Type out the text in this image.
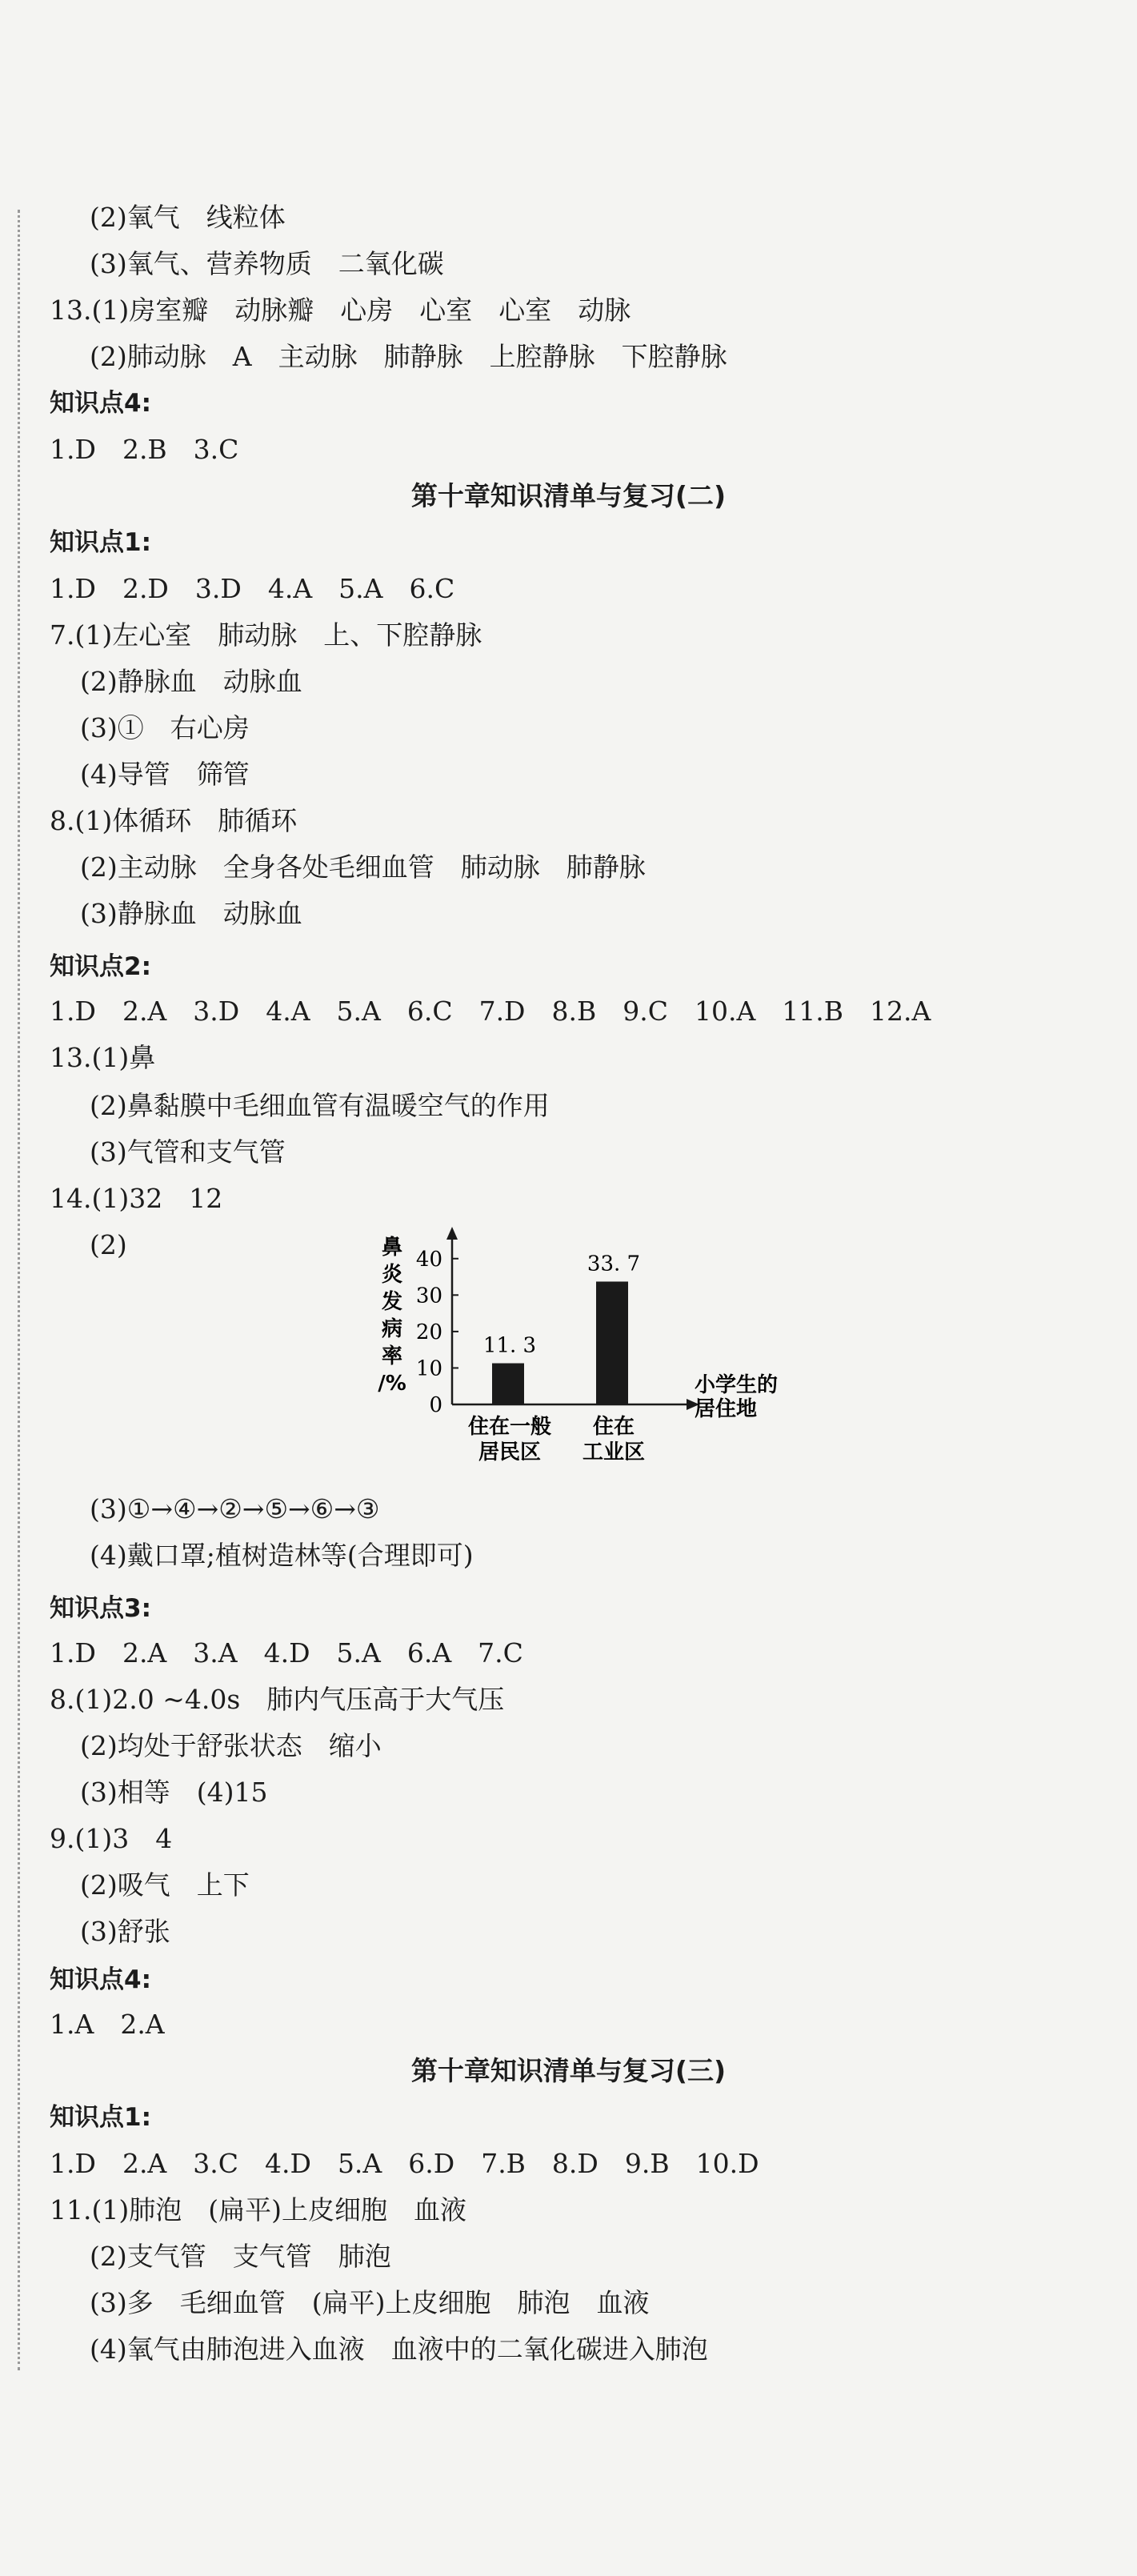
(2)氧气　线粒体
(3)氧气、营养物质　二氧化碳
13.(1)房室瓣　动脉瓣　心房　心室　心室　动脉
(2)肺动脉　A　主动脉　肺静脉　上腔静脉　下腔静脉
知识点4:
1.D　2.B　3.C
第十章知识清单与复习(二)
知识点1:
1.D　2.D　3.D　4.A　5.A　6.C
7.(1)左心室　肺动脉　上、下腔静脉
(2)静脉血　动脉血
(3)①　右心房
(4)导管　筛管
8.(1)体循环　肺循环
(2)主动脉　全身各处毛细血管　肺动脉　肺静脉
(3)静脉血　动脉血
知识点2:
1.D　2.A　3.D　4.A　5.A　6.C　7.D　8.B　9.C　10.A　11.B　12.A
13.(1)鼻
(2)鼻黏膜中毛细血管有温暖空气的作用
(3)气管和支气管
14.(1)32　12
(2)
0
10
20
30
40
鼻
炎
发
病
率
/%
11. 3
住在一般
居民区
33. 7
住在
工业区
小学生的
居住地
(3)①→④→②→⑤→⑥→③
(4)戴口罩;植树造林等(合理即可)
知识点3:
1.D　2.A　3.A　4.D　5.A　6.A　7.C
8.(1)2.0 ~4.0s　肺内气压高于大气压
(2)均处于舒张状态　缩小
(3)相等　(4)15
9.(1)3　4
(2)吸气　上下
(3)舒张
知识点4:
1.A　2.A
第十章知识清单与复习(三)
知识点1:
1.D　2.A　3.C　4.D　5.A　6.D　7.B　8.D　9.B　10.D
11.(1)肺泡　(扁平)上皮细胞　血液
(2)支气管　支气管　肺泡
(3)多　毛细血管　(扁平)上皮细胞　肺泡　血液
(4)氧气由肺泡进入血液　血液中的二氧化碳进入肺泡
